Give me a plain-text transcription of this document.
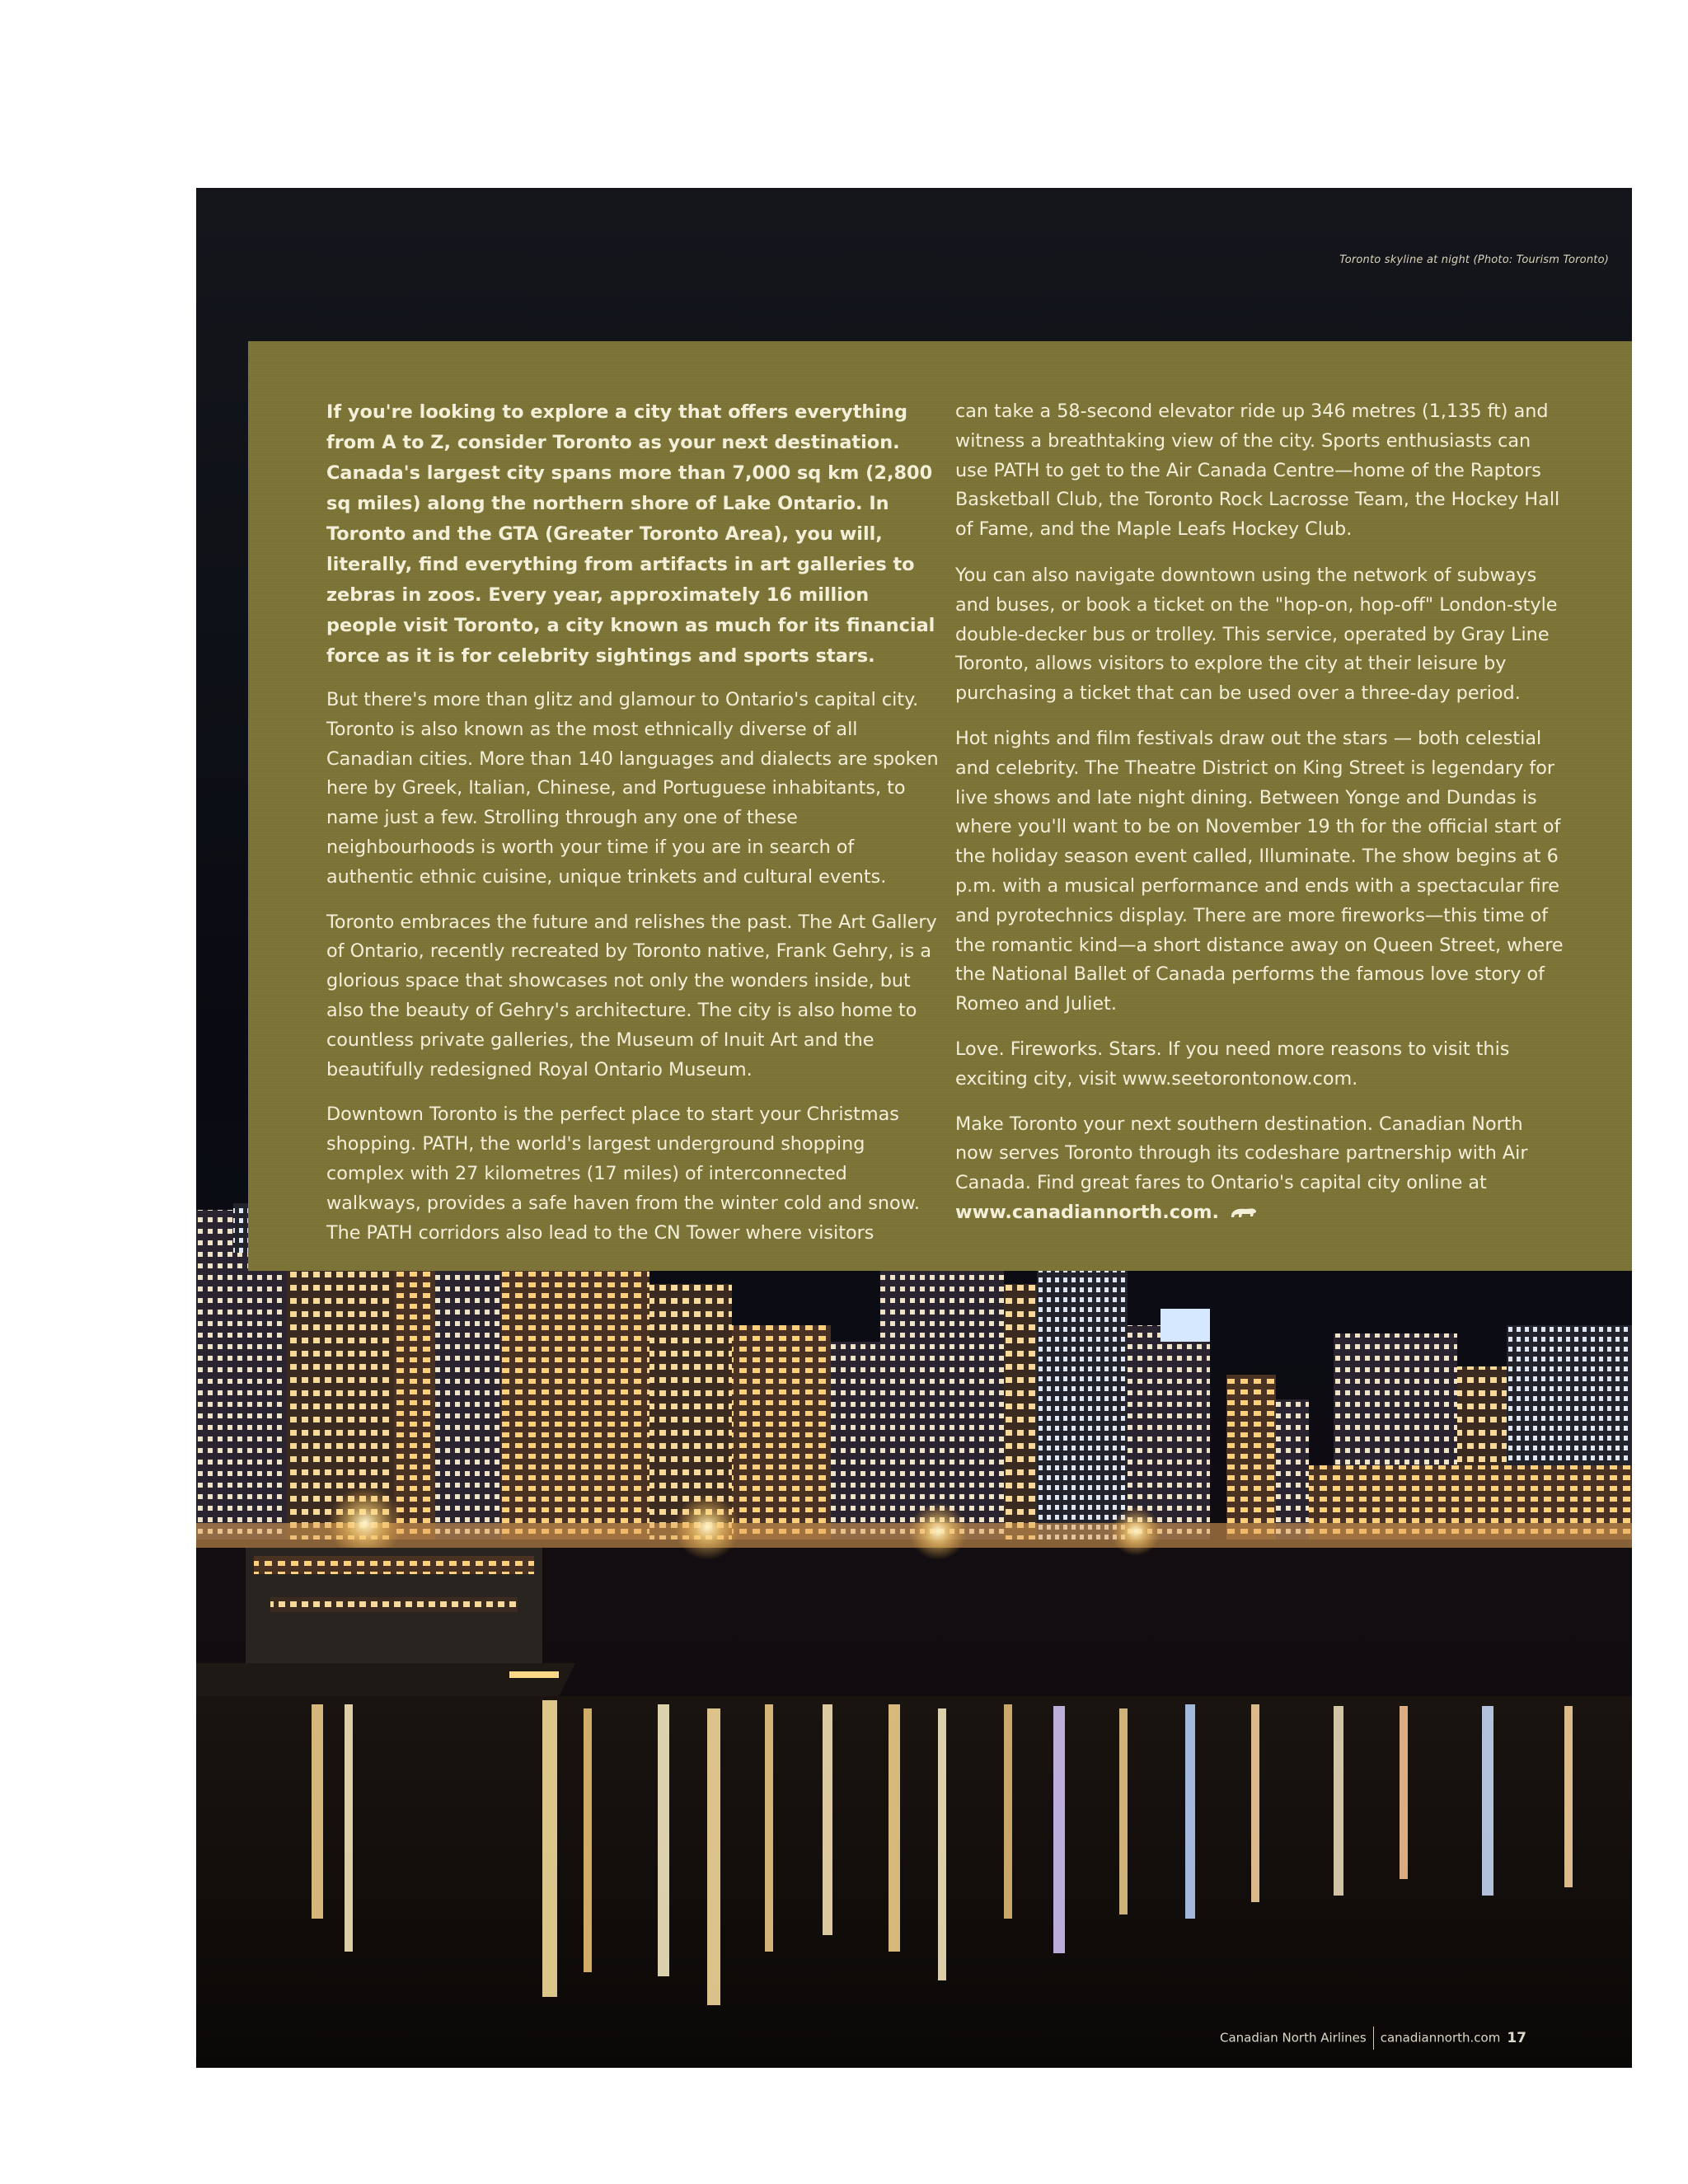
Toronto skyline at night (Photo: Tourism Toronto)

If you're looking to explore a city that offers everything from A to Z, consider Toronto as your next destination. Canada's largest city spans more than 7,000 sq km (2,800 sq miles) along the northern shore of Lake Ontario. In Toronto and the GTA (Greater Toronto Area), you will, literally, find everything from artifacts in art galleries to zebras in zoos. Every year, approximately 16 million people visit Toronto, a city known as much for its financial force as it is for celebrity sightings and sports stars.

But there's more than glitz and glamour to Ontario's capital city. Toronto is also known as the most ethnically diverse of all Canadian cities. More than 140 languages and dialects are spoken here by Greek, Italian, Chinese, and Portuguese inhabitants, to name just a few. Strolling through any one of these neighbourhoods is worth your time if you are in search of authentic ethnic cuisine, unique trinkets and cultural events.

Toronto embraces the future and relishes the past. The Art Gallery of Ontario, recently recreated by Toronto native, Frank Gehry, is a glorious space that showcases not only the wonders inside, but also the beauty of Gehry's architecture. The city is also home to countless private galleries, the Museum of Inuit Art and the beautifully redesigned Royal Ontario Museum.

Downtown Toronto is the perfect place to start your Christmas shopping. PATH, the world's largest underground shopping complex with 27 kilometres (17 miles) of interconnected walkways, provides a safe haven from the winter cold and snow. The PATH corridors also lead to the CN Tower where visitors

can take a 58-second elevator ride up 346 metres (1,135 ft) and witness a breathtaking view of the city. Sports enthusiasts can use PATH to get to the Air Canada Centre—home of the Raptors Basketball Club, the Toronto Rock Lacrosse Team, the Hockey Hall of Fame, and the Maple Leafs Hockey Club.

You can also navigate downtown using the network of subways and buses, or book a ticket on the "hop-on, hop-off" London-style double-decker bus or trolley. This service, operated by Gray Line Toronto, allows visitors to explore the city at their leisure by purchasing a ticket that can be used over a three-day period.

Hot nights and film festivals draw out the stars — both celestial and celebrity. The Theatre District on King Street is legendary for live shows and late night dining. Between Yonge and Dundas is where you'll want to be on November 19 th for the official start of the holiday season event called, Illuminate. The show begins at 6 p.m. with a musical performance and ends with a spectacular fire and pyrotechnics display. There are more fireworks—this time of the romantic kind—a short distance away on Queen Street, where the National Ballet of Canada performs the famous love story of Romeo and Juliet.

Love. Fireworks. Stars. If you need more reasons to visit this exciting city, visit www.seetorontonow.com.

Make Toronto your next southern destination. Canadian North now serves Toronto through its codeshare partnership with Air Canada. Find great fares to Ontario's capital city online at www.canadiannorth.com.

Canadian North Airlines canadiannorth.com 17
